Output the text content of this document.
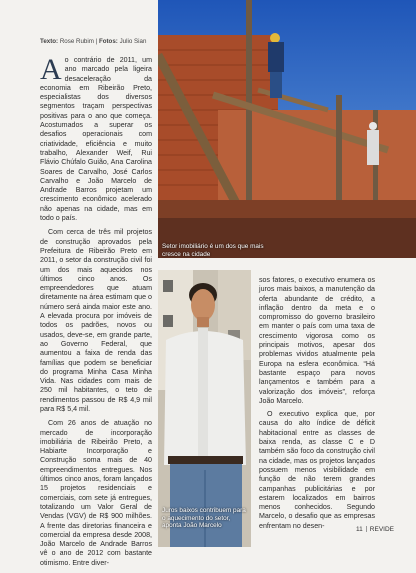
Texto: Rose Rubim | Fotos: Julio Sian

Ao contrário de 2011, um ano marcado pela ligeira desaceleração da economia em Ribeirão Preto, especialistas dos diversos segmentos traçam perspectivas positivas para o ano que começa. Acostumados a superar os desafios operacionais com criatividade, eficiência e muito trabalho, Alexander Weif, Rui Flávio Chúfalo Guião, Ana Carolina Soares de Carvalho, José Carlos Carvalho e João Marcelo de Andrade Barros projetam um crescimento econômico acelerado não apenas na cidade, mas em todo o país.

Com cerca de três mil projetos de construção aprovados pela Prefeitura de Ribeirão Preto em 2011, o setor da construção civil foi um dos mais aquecidos nos últimos cinco anos. Os empreendedores que atuam diretamente na área estimam que o número será ainda maior este ano. A elevada procura por imóveis de todos os padrões, novos ou usados, deve-se, em grande parte, ao Governo Federal, que aumentou a faixa de renda das famílias que podem se beneficiar do programa Minha Casa Minha Vida. Nas cidades com mais de 250 mil habitantes, o teto de rendimentos passou de R$ 4,9 mil para R$ 5,4 mil.

Com 26 anos de atuação no mercado de incorporação imobiliária de Ribeirão Preto, a Habiarte Incorporação e Construção soma mais de 40 empreendimentos entregues. Nos últimos cinco anos, foram lançados 15 projetos residenciais e comerciais, com sete já entregues, totalizando um Valor Geral de Vendas (VGV) de R$ 900 milhões. A frente das diretorias financeira e comercial da empresa desde 2008, João Marcelo de Andrade Barros vê o ano de 2012 com bastante otimismo. Entre diver-

Setor imobiliário é um dos que mais cresce na cidade
Juros baixos contribuem para o aquecimento do setor, aponta João Marcelo

sos fatores, o executivo enumera os juros mais baixos, a manutenção da oferta abundante de crédito, a inflação dentro da meta e o compromisso do governo brasileiro em manter o país com uma taxa de crescimento vigorosa como os principais motivos, apesar dos problemas vividos atualmente pela Europa na esfera econômica. “Há bastante espaço para novos lançamentos e também para a valorização dos imóveis”, reforça João Marcelo.

O executivo explica que, por causa do alto índice de déficit habitacional entre as classes de baixa renda, as classe C e D também são foco da construção civil na cidade, mas os projetos lançados possuem menos visibilidade em função de não terem grandes campanhas publicitárias e por estarem localizados em bairros menos conhecidos. Segundo Marcelo, o desafio que as empresas enfrentam no desen-	11 REVIDE
